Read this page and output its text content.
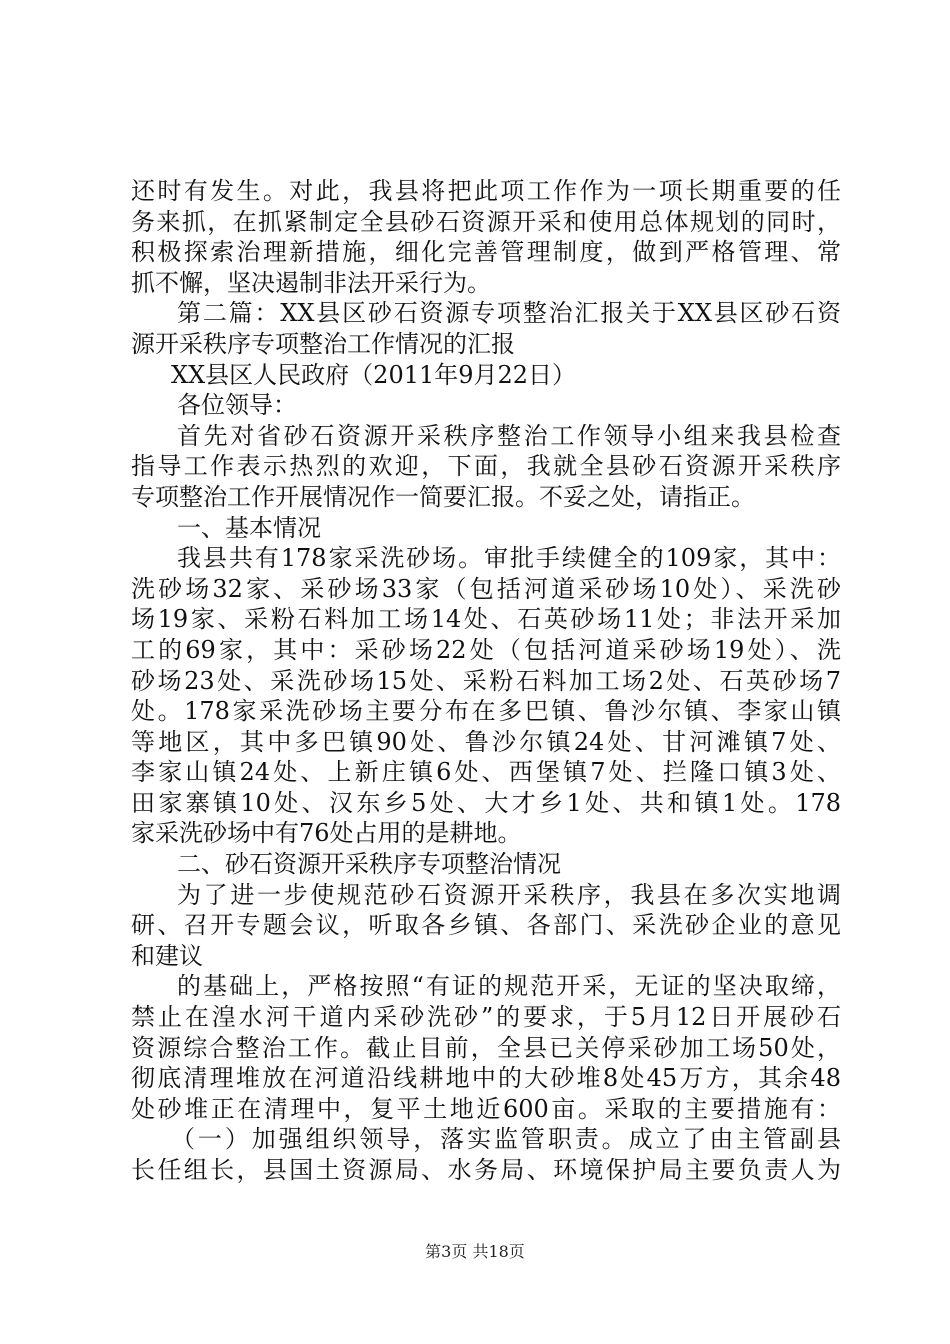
还时有发生。对此，我县将把此项工作作为一项长期重要的任
务来抓，在抓紧制定全县砂石资源开采和使用总体规划的同时，
积极探索治理新措施，细化完善管理制度，做到严格管理、常
抓不懈，坚决遏制非法开采行为。
第二篇：XX县区砂石资源专项整治汇报关于XX县区砂石资
源开采秩序专项整治工作情况的汇报
XX县区人民政府（2011年9月22日）
各位领导：
首先对省砂石资源开采秩序整治工作领导小组来我县检查
指导工作表示热烈的欢迎，下面，我就全县砂石资源开采秩序
专项整治工作开展情况作一简要汇报。不妥之处，请指正。
一、基本情况
我县共有178家采洗砂场。审批手续健全的109家，其中：
洗砂场32家、采砂场33家（包括河道采砂场10处）、采洗砂
场19家、采粉石料加工场14处、石英砂场11处；非法开采加
工的69家，其中：采砂场22处（包括河道采砂场19处）、洗
砂场23处、采洗砂场15处、采粉石料加工场2处、石英砂场7
处。178家采洗砂场主要分布在多巴镇、鲁沙尔镇、李家山镇
等地区，其中多巴镇90处、鲁沙尔镇24处、甘河滩镇7处、
李家山镇24处、上新庄镇6处、西堡镇7处、拦隆口镇3处、
田家寨镇10处、汉东乡5处、大才乡1处、共和镇1处。178
家采洗砂场中有76处占用的是耕地。
二、砂石资源开采秩序专项整治情况
为了进一步使规范砂石资源开采秩序，我县在多次实地调
研、召开专题会议，听取各乡镇、各部门、采洗砂企业的意见
和建议
的基础上，严格按照“有证的规范开采，无证的坚决取缔，
禁止在湟水河干道内采砂洗砂”的要求，于5月12日开展砂石
资源综合整治工作。截止目前，全县已关停采砂加工场50处，
彻底清理堆放在河道沿线耕地中的大砂堆8处45万方，其余48
处砂堆正在清理中，复平土地近600亩。采取的主要措施有：
（一）加强组织领导，落实监管职责。成立了由主管副县
长任组长，县国土资源局、水务局、环境保护局主要负责人为
第3页 共18页
